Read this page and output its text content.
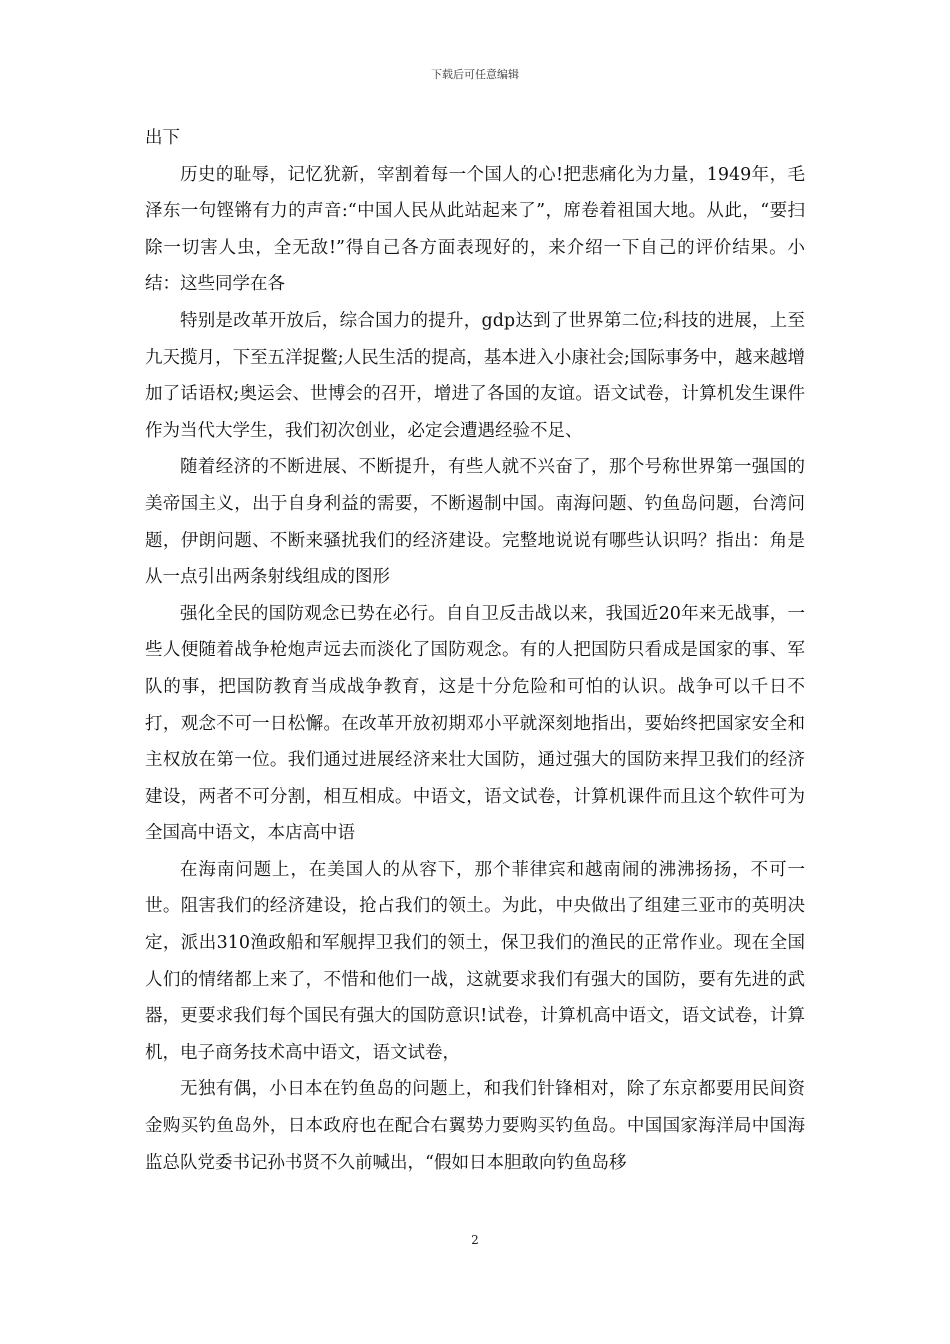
下载后可任意编辑

出下

历史的耻辱，记忆犹新，宰割着每一个国人的心!把悲痛化为力量，1949年，毛泽东一句铿锵有力的声音:“中国人民从此站起来了”，席卷着祖国大地。从此，“要扫除一切害人虫，全无敌!”得自己各方面表现好的，来介绍一下自己的评价结果。小结：这些同学在各

特别是改革开放后，综合国力的提升，gdp达到了世界第二位;科技的进展，上至九天揽月，下至五洋捉鳖;人民生活的提高，基本进入小康社会;国际事务中，越来越增加了话语权;奥运会、世博会的召开，增进了各国的友谊。语文试卷，计算机发生课件作为当代大学生，我们初次创业，必定会遭遇经验不足、

随着经济的不断进展、不断提升，有些人就不兴奋了，那个号称世界第一强国的美帝国主义，出于自身利益的需要，不断遏制中国。南海问题、钓鱼岛问题，台湾问题，伊朗问题、不断来骚扰我们的经济建设。完整地说说有哪些认识吗？指出：角是从一点引出两条射线组成的图形

强化全民的国防观念已势在必行。自自卫反击战以来，我国近20年来无战事，一些人便随着战争枪炮声远去而淡化了国防观念。有的人把国防只看成是国家的事、军队的事，把国防教育当成战争教育，这是十分危险和可怕的认识。战争可以千日不打，观念不可一日松懈。在改革开放初期邓小平就深刻地指出，要始终把国家安全和主权放在第一位。我们通过进展经济来壮大国防，通过强大的国防来捍卫我们的经济建设，两者不可分割，相互相成。中语文，语文试卷，计算机课件而且这个软件可为全国高中语文，本店高中语

在海南问题上，在美国人的从容下，那个菲律宾和越南闹的沸沸扬扬，不可一世。阻害我们的经济建设，抢占我们的领土。为此，中央做出了组建三亚市的英明决定，派出310渔政船和军舰捍卫我们的领土，保卫我们的渔民的正常作业。现在全国人们的情绪都上来了，不惜和他们一战，这就要求我们有强大的国防，要有先进的武器，更要求我们每个国民有强大的国防意识!试卷，计算机高中语文，语文试卷，计算机，电子商务技术高中语文，语文试卷，

无独有偶，小日本在钓鱼岛的问题上，和我们针锋相对，除了东京都要用民间资金购买钓鱼岛外，日本政府也在配合右翼势力要购买钓鱼岛。中国国家海洋局中国海监总队党委书记孙书贤不久前喊出，“假如日本胆敢向钓鱼岛移

2
